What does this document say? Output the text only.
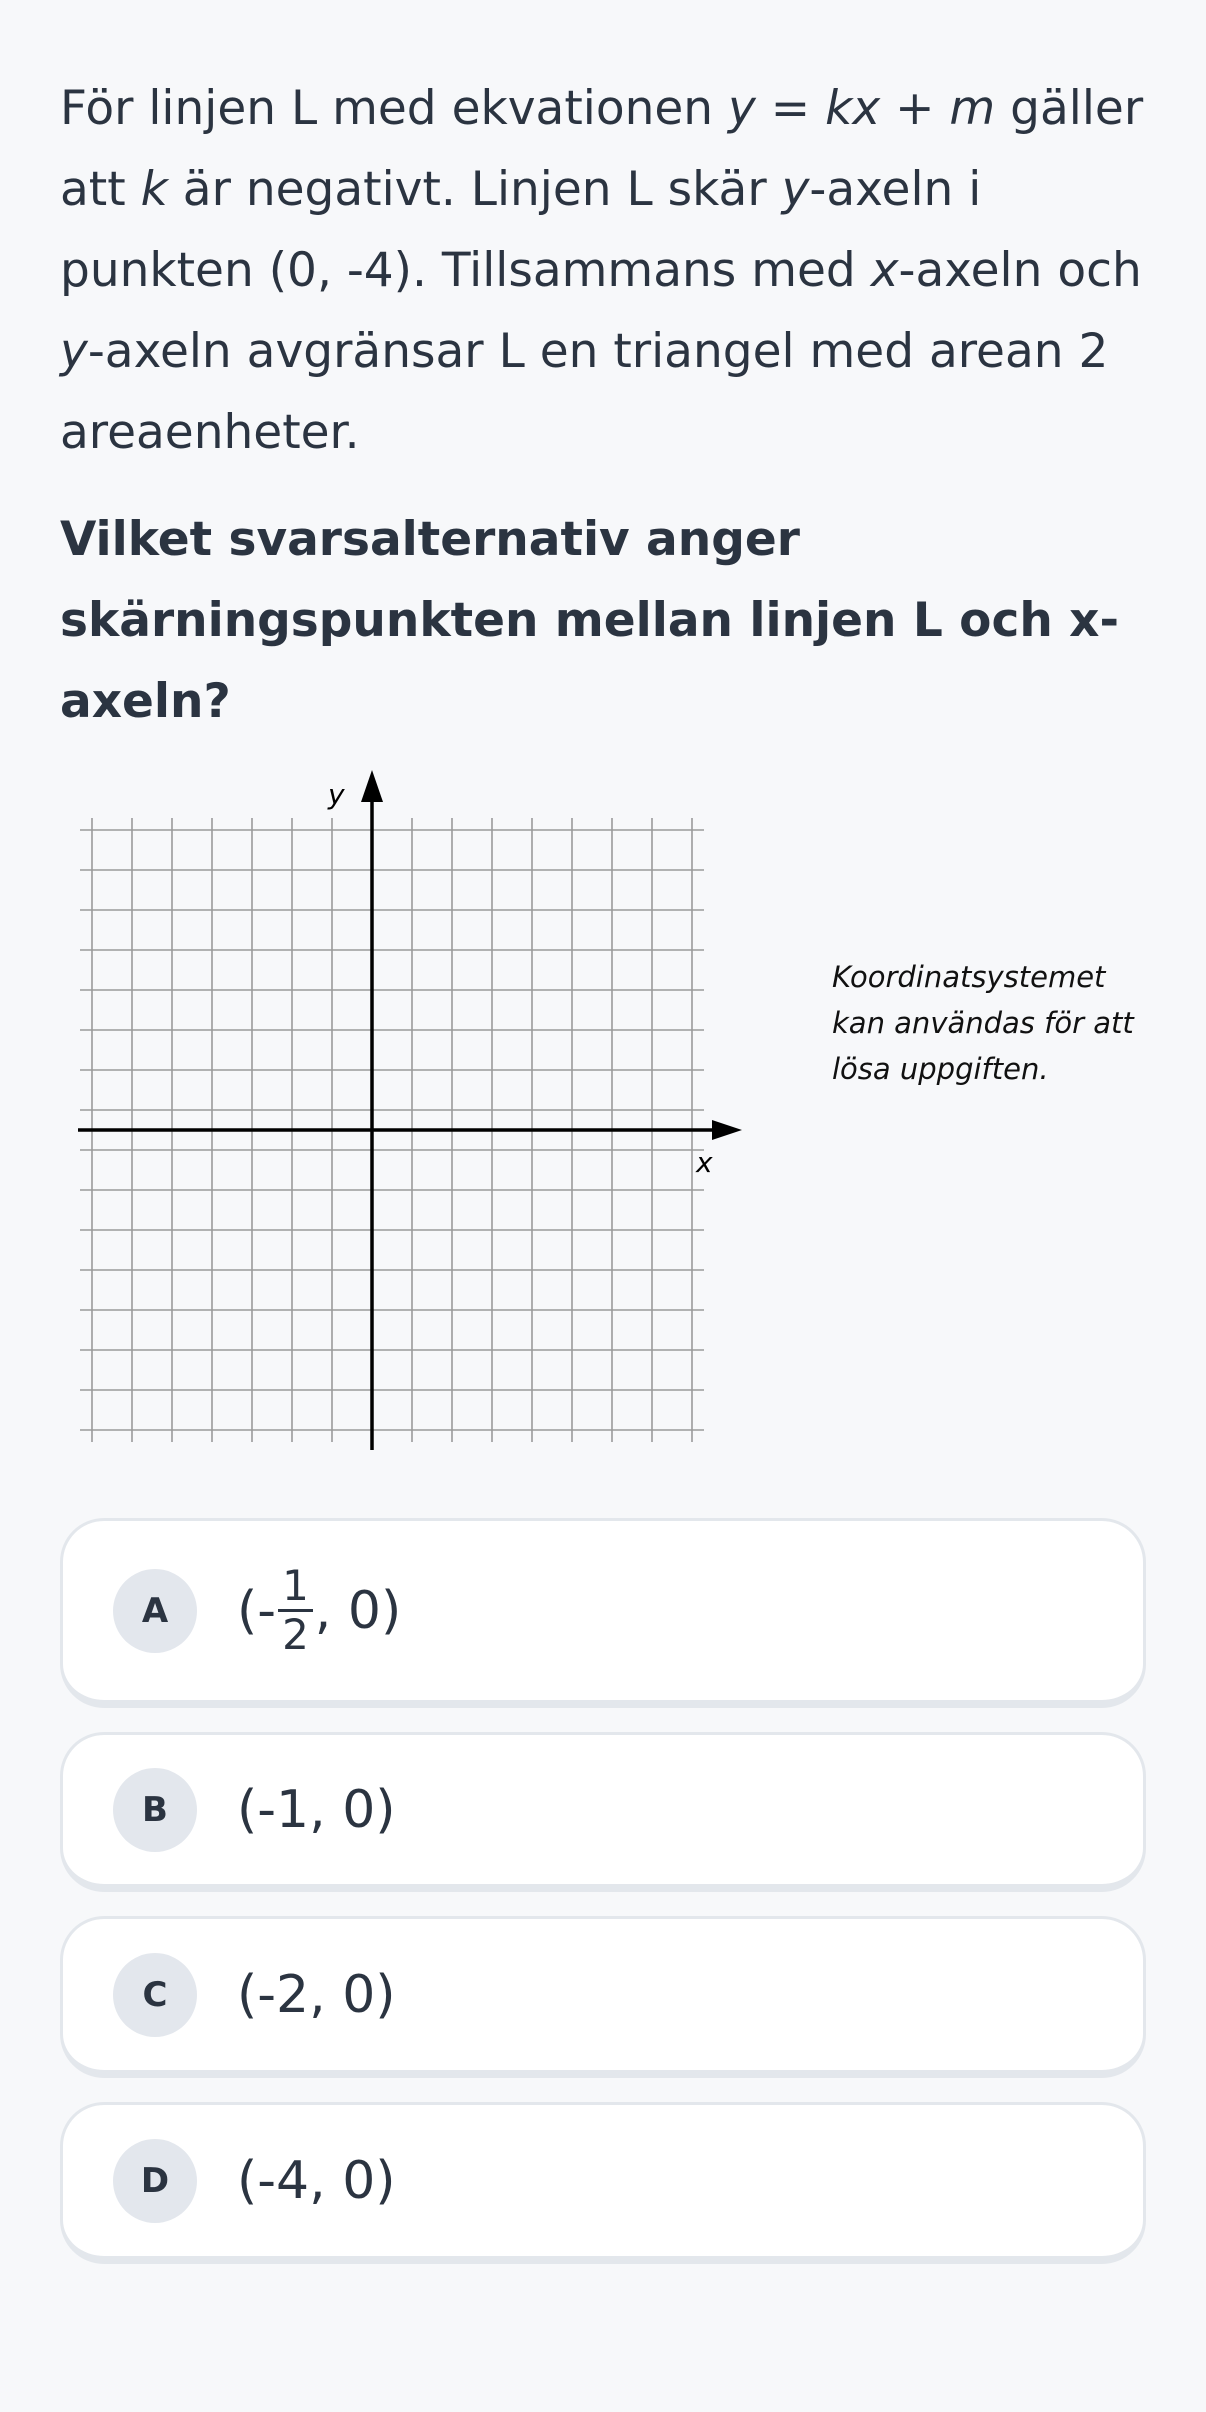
För linjen L med ekvationen y = kx + m gäller att k är negativt. Linjen L skär y-axeln i punkten (0, -4). Tillsammans med x-axeln och y-axeln avgränsar L en triangel med arean 2 areaenheter.
Vilket svarsalternativ anger skärningspunkten mellan linjen L och x-axeln?
x
y
Koordinatsystemet
kan användas för att
lösa uppgiften.
A	(- $\frac{1}{2}$ , 0)
B	(-1, 0)
C	(-2, 0)
D	(-4, 0)
